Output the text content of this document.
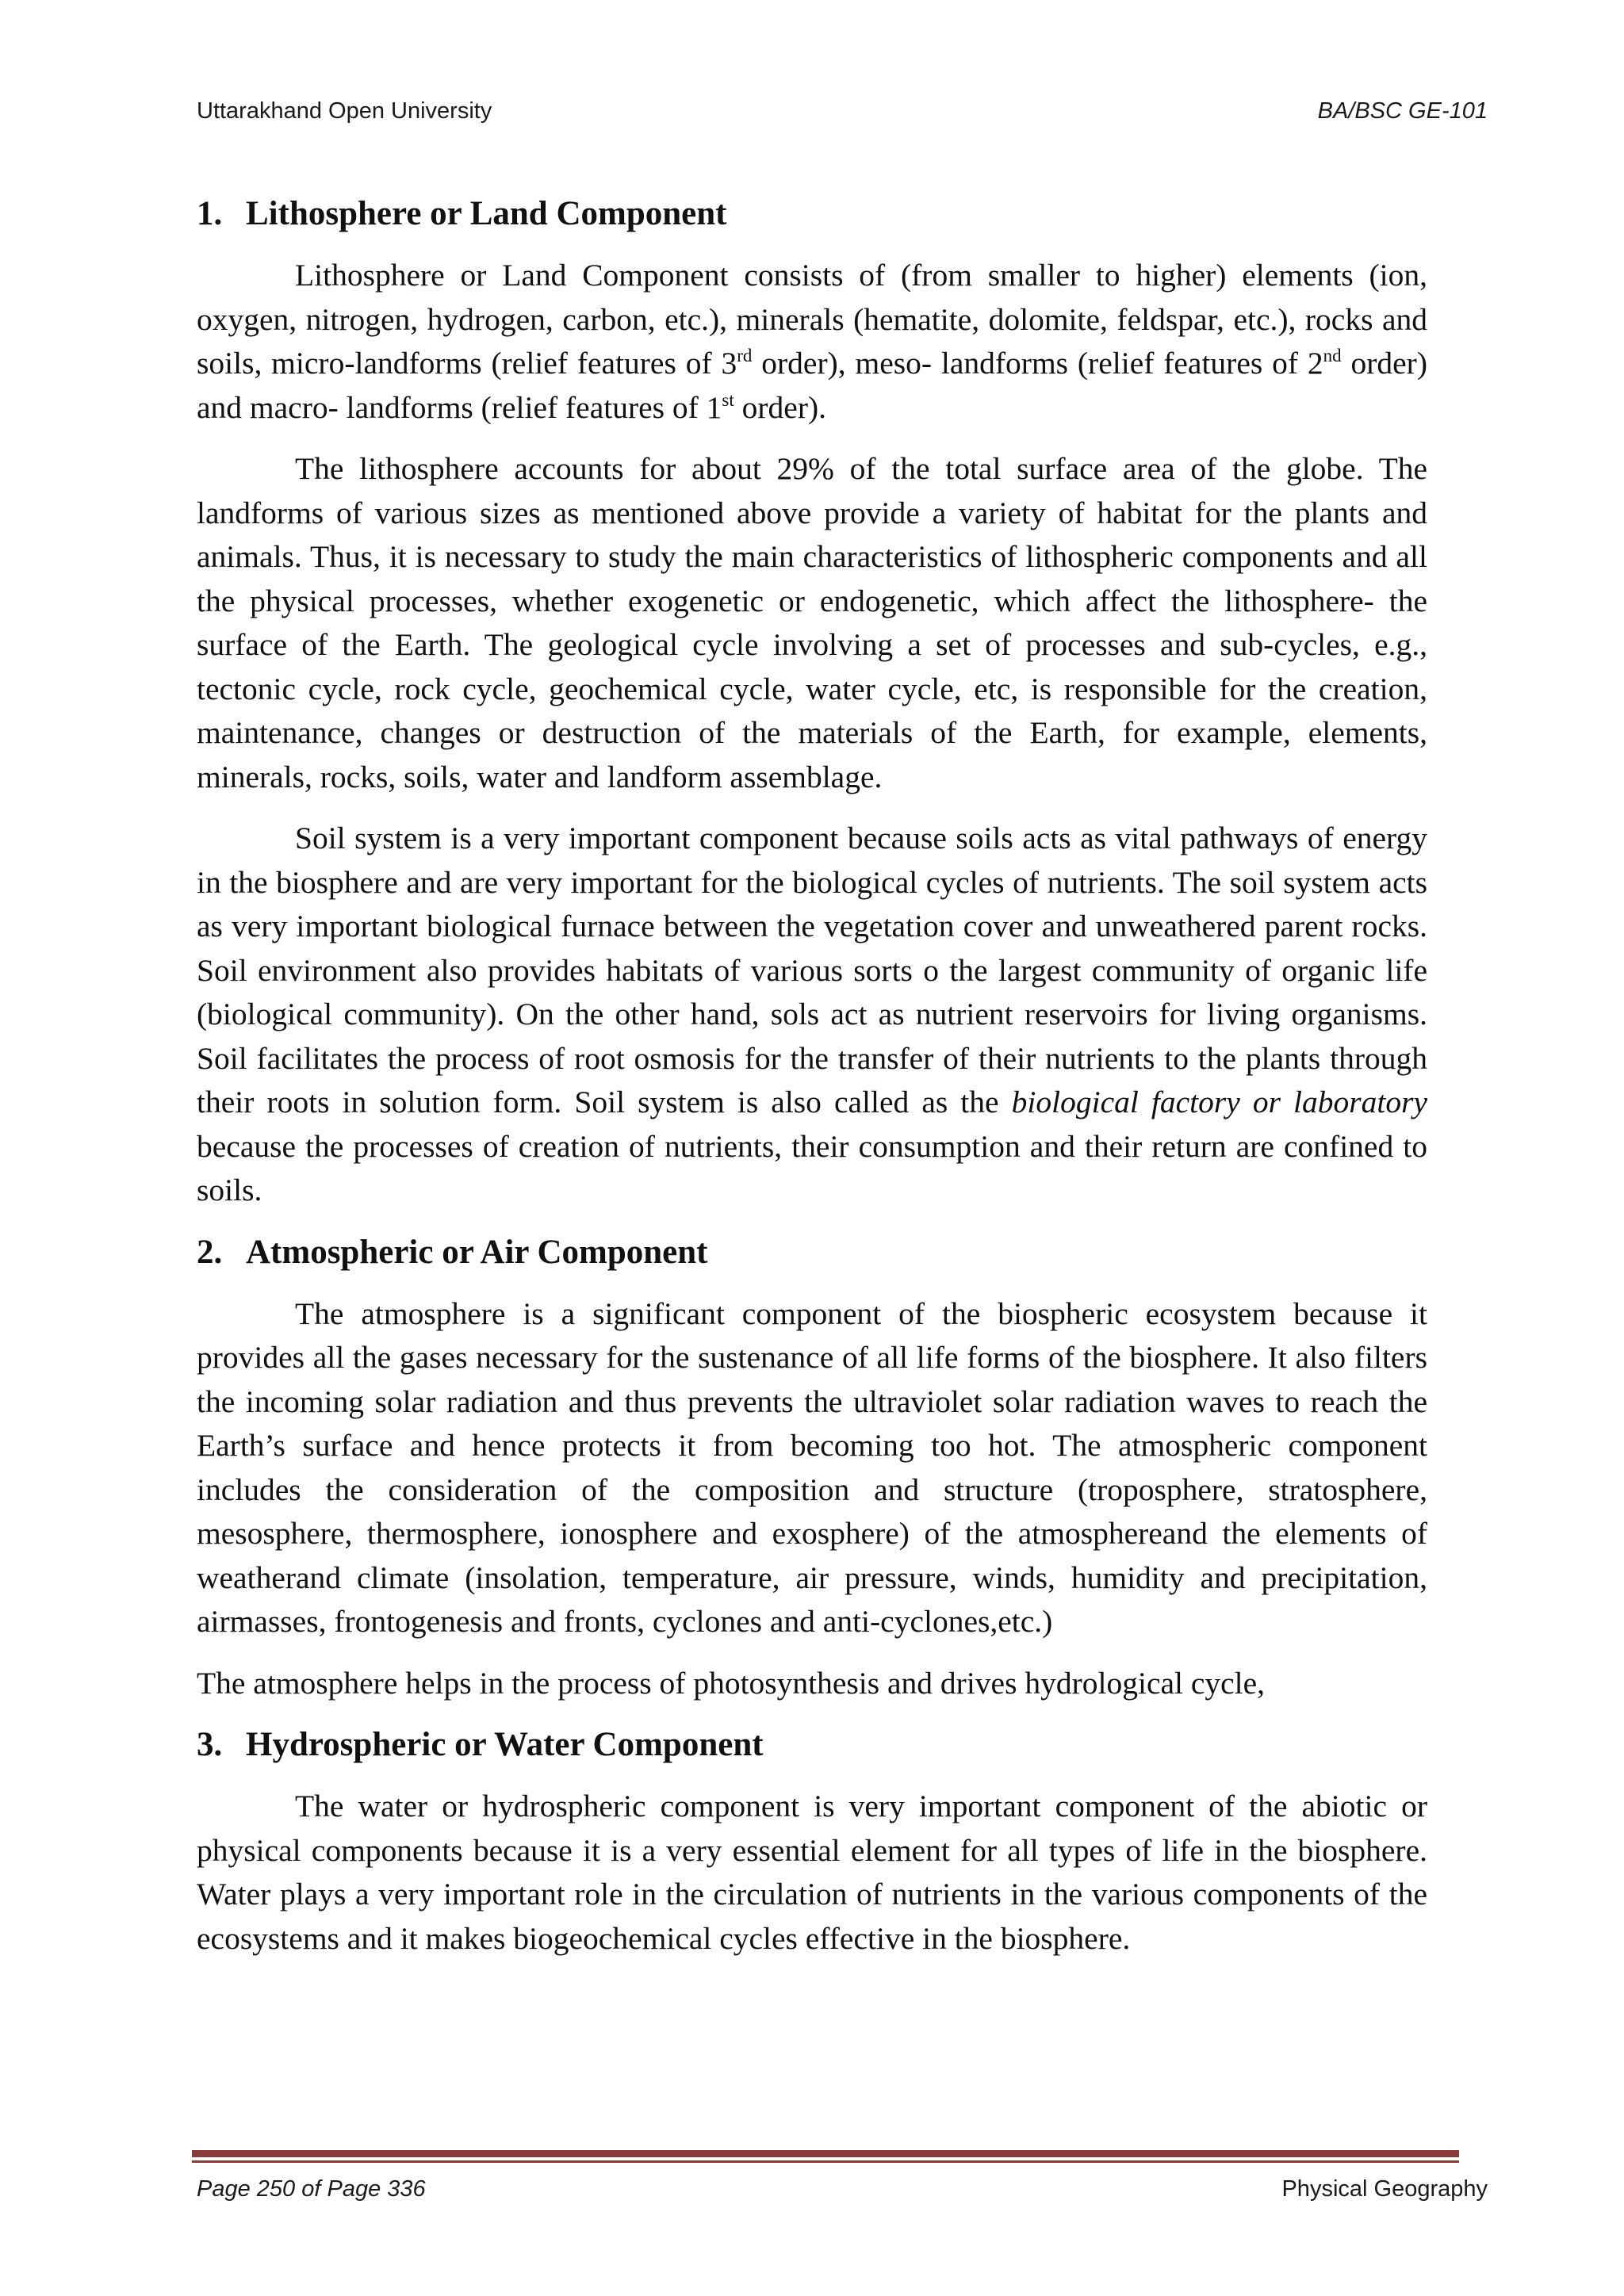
Uttarakhand Open University	BA/BSC GE-101
1. Lithosphere or Land Component

Lithosphere or Land Component consists of (from smaller to higher) elements (ion, oxygen, nitrogen, hydrogen, carbon, etc.), minerals (hematite, dolomite, feldspar, etc.), rocks and soils, micro-landforms (relief features of 3rd order), meso- landforms (relief features of 2nd order) and macro- landforms (relief features of 1st order).

The lithosphere accounts for about 29% of the total surface area of the globe. The landforms of various sizes as mentioned above provide a variety of habitat for the plants and animals. Thus, it is necessary to study the main characteristics of lithospheric components and all the physical processes, whether exogenetic or endogenetic, which affect the lithosphere- the surface of the Earth. The geological cycle involving a set of processes and sub-cycles, e.g., tectonic cycle, rock cycle, geochemical cycle, water cycle, etc, is responsible for the creation, maintenance, changes or destruction of the materials of the Earth, for example, elements, minerals, rocks, soils, water and landform assemblage.

Soil system is a very important component because soils acts as vital pathways of energy in the biosphere and are very important for the biological cycles of nutrients. The soil system acts as very important biological furnace between the vegetation cover and unweathered parent rocks. Soil environment also provides habitats of various sorts o the largest community of organic life (biological community). On the other hand, sols act as nutrient reservoirs for living organisms. Soil facilitates the process of root osmosis for the transfer of their nutrients to the plants through their roots in solution form. Soil system is also called as the biological factory or laboratory because the processes of creation of nutrients, their consumption and their return are confined to soils.

2. Atmospheric or Air Component

The atmosphere is a significant component of the biospheric ecosystem because it provides all the gases necessary for the sustenance of all life forms of the biosphere. It also filters the incoming solar radiation and thus prevents the ultraviolet solar radiation waves to reach the Earth’s surface and hence protects it from becoming too hot. The atmospheric component includes the consideration of the composition and structure (troposphere, stratosphere, mesosphere, thermosphere, ionosphere and exosphere) of the atmosphereand the elements of weatherand climate (insolation, temperature, air pressure, winds, humidity and precipitation, airmasses, frontogenesis and fronts, cyclones and anti-cyclones,etc.)

The atmosphere helps in the process of photosynthesis and drives hydrological cycle,

3. Hydrospheric or Water Component

The water or hydrospheric component is very important component of the abiotic or physical components because it is a very essential element for all types of life in the biosphere. Water plays a very important role in the circulation of nutrients in the various components of the ecosystems and it makes biogeochemical cycles effective in the biosphere.

Page 250 of Page 336	Physical Geography
